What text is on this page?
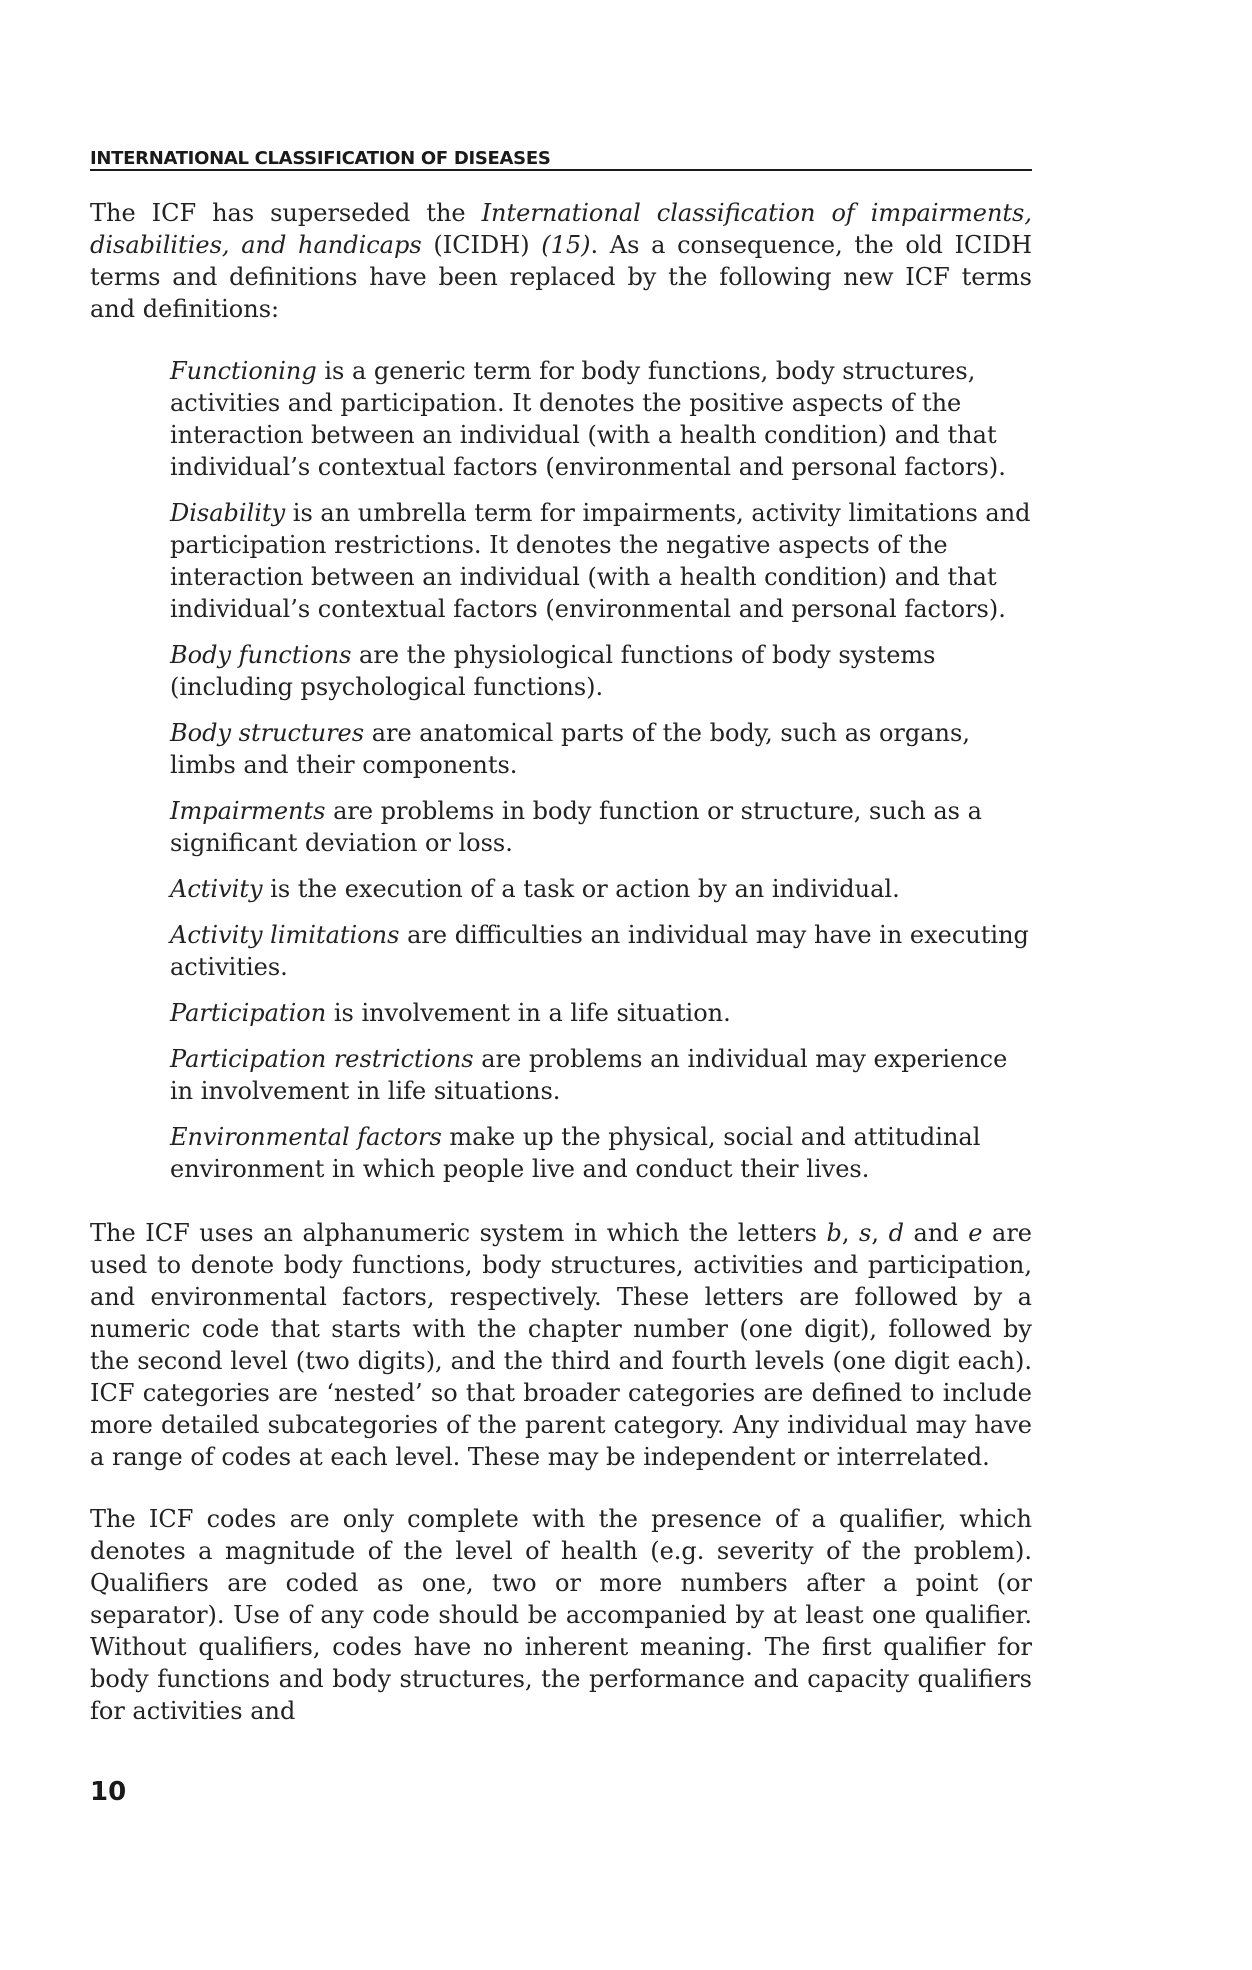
INTERNATIONAL CLASSIFICATION OF DISEASES

The ICF has superseded the International classification of impairments, disabilities, and handicaps (ICIDH) (15). As a consequence, the old ICIDH terms and definitions have been replaced by the following new ICF terms and definitions:

Functioning is a generic term for body functions, body structures, activities and participation. It denotes the positive aspects of the interaction between an individual (with a health condition) and that individual’s contextual factors (environmental and personal factors).

Disability is an umbrella term for impairments, activity limitations and participation restrictions. It denotes the negative aspects of the interaction between an individual (with a health condition) and that individual’s contextual factors (environmental and personal factors).

Body functions are the physiological functions of body systems (including psychological functions).

Body structures are anatomical parts of the body, such as organs, limbs and their components.

Impairments are problems in body function or structure, such as a significant deviation or loss.

Activity is the execution of a task or action by an individual.

Activity limitations are difficulties an individual may have in executing activities.

Participation is involvement in a life situation.

Participation restrictions are problems an individual may experience in involvement in life situations.

Environmental factors make up the physical, social and attitudinal environment in which people live and conduct their lives.

The ICF uses an alphanumeric system in which the letters b, s, d and e are used to denote body functions, body structures, activities and participation, and environmental factors, respectively. These letters are followed by a numeric code that starts with the chapter number (one digit), followed by the second level (two digits), and the third and fourth levels (one digit each). ICF categories are ‘nested’ so that broader categories are defined to include more detailed subcategories of the parent category. Any individual may have a range of codes at each level. These may be independent or interrelated.

The ICF codes are only complete with the presence of a qualifier, which denotes a magnitude of the level of health (e.g. severity of the problem). Qualifiers are coded as one, two or more numbers after a point (or separator). Use of any code should be accompanied by at least one qualifier. Without qualifiers, codes have no inherent meaning. The first qualifier for body functions and body structures, the performance and capacity qualifiers for activities and

10
